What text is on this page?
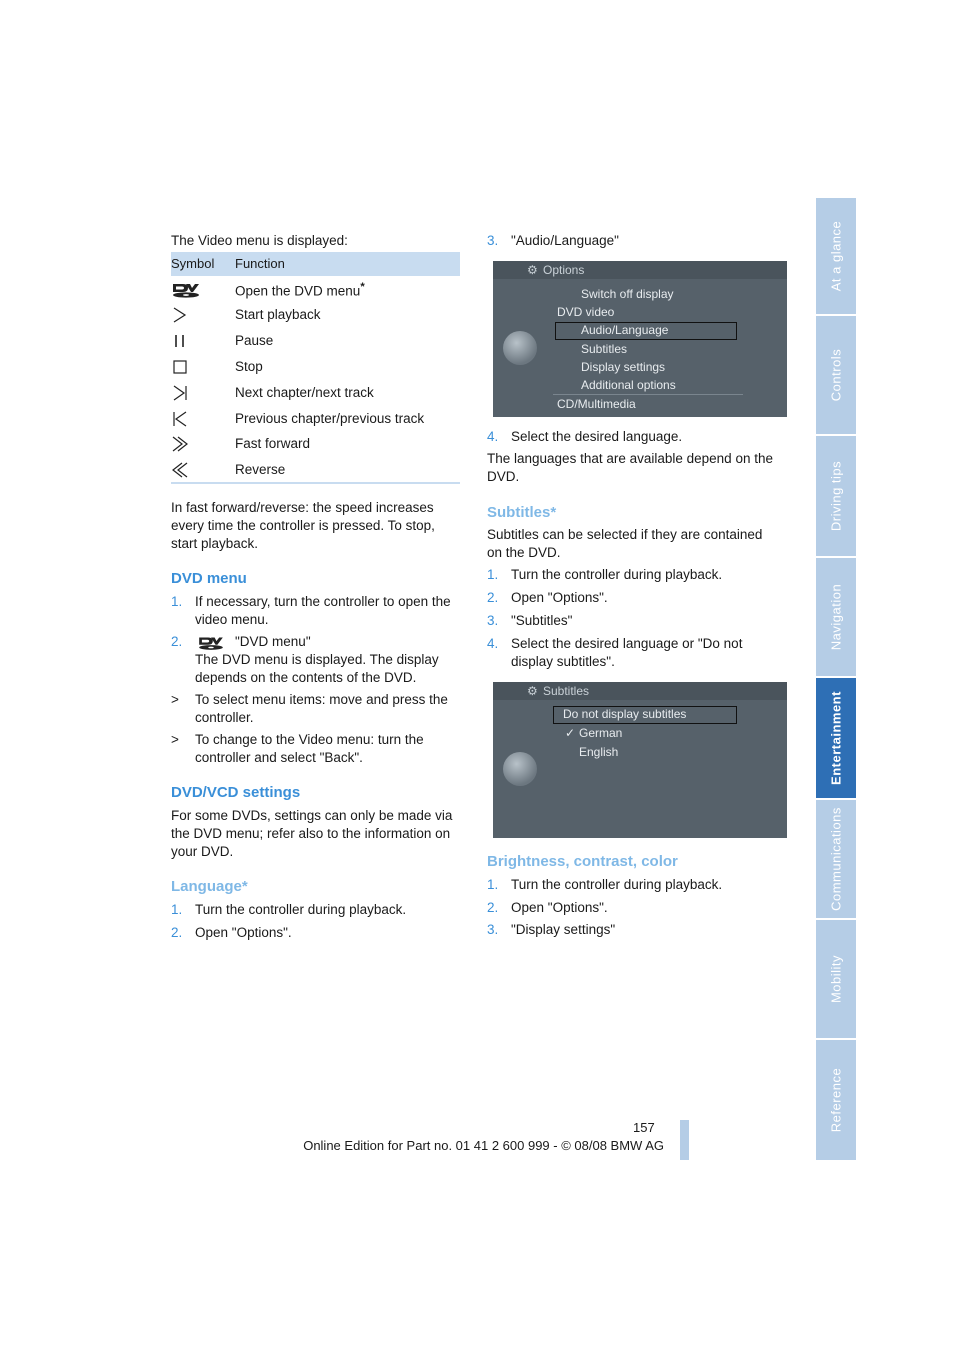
At a glance
Controls
Driving tips
Navigation
Entertainment
Communications
Mobility
Reference
The Video menu is displayed:
Symbol Function
Open the DVD menu*
Start playback
Pause
Stop
Next chapter/next track
Previous chapter/previous track
Fast forward
Reverse
In fast forward/reverse: the speed increases every time the controller is pressed. To stop, start playback.
DVD menu
1. If necessary, turn the controller to open the video menu.
2.	"DVD menu"
The DVD menu is displayed. The display depends on the contents of the DVD.
> To select menu items: move and press the controller.
> To change to the Video menu: turn the controller and select "Back".
DVD/VCD settings
For some DVDs, settings can only be made via the DVD menu; refer also to the information on your DVD.
Language*
1. Turn the controller during playback.
2. Open "Options".
3. "Audio/Language"
⚙ Options
Switch off display
DVD video
Audio/Language
Subtitles
Display settings
Additional options
CD/Multimedia
4. Select the desired language.
The languages that are available depend on the DVD.
Subtitles*
Subtitles can be selected if they are contained on the DVD.
1. Turn the controller during playback.
2. Open "Options".
3. "Subtitles"
4. Select the desired language or "Do not display subtitles".
⚙ Subtitles
Do not display subtitles
✓ German
English
Brightness, contrast, color
1. Turn the controller during playback.
2. Open "Options".
3. "Display settings"
157
Online Edition for Part no. 01 41 2 600 999 - © 08/08 BMW AG
